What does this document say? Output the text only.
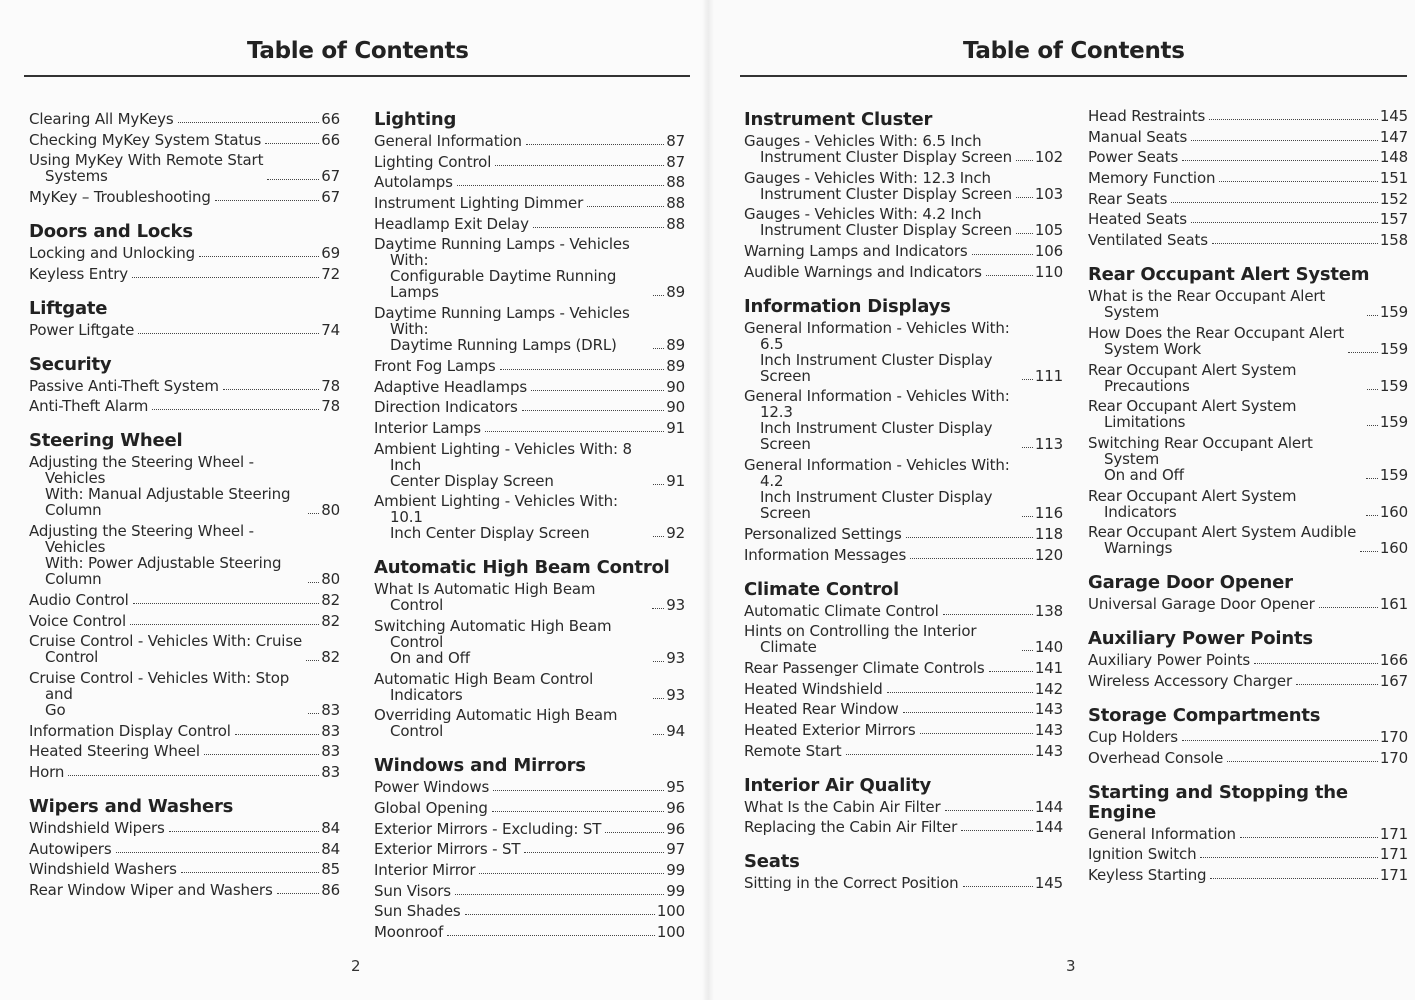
Table of Contents
Clearing All MyKeys	66
Checking MyKey System Status	66
Using MyKey With Remote Start
Systems	67
MyKey – Troubleshooting	67
Doors and Locks
Locking and Unlocking	69
Keyless Entry	72
Liftgate
Power Liftgate	74
Security
Passive Anti-Theft System	78
Anti-Theft Alarm	78
Steering Wheel
Adjusting the Steering Wheel - Vehicles
With: Manual Adjustable Steering
Column	80
Adjusting the Steering Wheel - Vehicles
With: Power Adjustable Steering
Column	80
Audio Control	82
Voice Control	82
Cruise Control - Vehicles With: Cruise
Control	82
Cruise Control - Vehicles With: Stop and
Go	83
Information Display Control	83
Heated Steering Wheel	83
Horn	83
Wipers and Washers
Windshield Wipers	84
Autowipers	84
Windshield Washers	85
Rear Window Wiper and Washers	86
Lighting
General Information	87
Lighting Control	87
Autolamps	88
Instrument Lighting Dimmer	88
Headlamp Exit Delay	88
Daytime Running Lamps - Vehicles With:
Configurable Daytime Running Lamps	89
Daytime Running Lamps - Vehicles With:
Daytime Running Lamps (DRL)	89
Front Fog Lamps	89
Adaptive Headlamps	90
Direction Indicators	90
Interior Lamps	91
Ambient Lighting - Vehicles With: 8 Inch
Center Display Screen	91
Ambient Lighting - Vehicles With: 10.1
Inch Center Display Screen	92
Automatic High Beam Control
What Is Automatic High Beam Control	93
Switching Automatic High Beam Control
On and Off	93
Automatic High Beam Control Indicators	93
Overriding Automatic High Beam Control	94
Windows and Mirrors
Power Windows	95
Global Opening	96
Exterior Mirrors - Excluding: ST	96
Exterior Mirrors - ST	97
Interior Mirror	99
Sun Visors	99
Sun Shades	100
Moonroof	100

2

Table of Contents
Instrument Cluster
Gauges - Vehicles With: 6.5 Inch
Instrument Cluster Display Screen 102
Gauges - Vehicles With: 12.3 Inch
Instrument Cluster Display Screen 103
Gauges - Vehicles With: 4.2 Inch
Instrument Cluster Display Screen 105
Warning Lamps and Indicators	106
Audible Warnings and Indicators	110
Information Displays
General Information - Vehicles With: 6.5
Inch Instrument Cluster Display Screen	111
General Information - Vehicles With: 12.3
Inch Instrument Cluster Display Screen	113
General Information - Vehicles With: 4.2
Inch Instrument Cluster Display Screen	116
Personalized Settings	118
Information Messages	120
Climate Control
Automatic Climate Control	138
Hints on Controlling the Interior Climate	140
Rear Passenger Climate Controls	141
Heated Windshield	142
Heated Rear Window	143
Heated Exterior Mirrors	143
Remote Start	143
Interior Air Quality
What Is the Cabin Air Filter	144
Replacing the Cabin Air Filter	144
Seats
Sitting in the Correct Position	145
Head Restraints	145
Manual Seats	147
Power Seats	148
Memory Function	151
Rear Seats	152
Heated Seats	157
Ventilated Seats	158
Rear Occupant Alert System
What is the Rear Occupant Alert System	159
How Does the Rear Occupant Alert
System Work	159
Rear Occupant Alert System Precautions	159
Rear Occupant Alert System Limitations	159
Switching Rear Occupant Alert System
On and Off	159
Rear Occupant Alert System Indicators	160
Rear Occupant Alert System Audible
Warnings	160
Garage Door Opener
Universal Garage Door Opener	161
Auxiliary Power Points
Auxiliary Power Points	166
Wireless Accessory Charger	167
Storage Compartments
Cup Holders	170
Overhead Console	170
Starting and Stopping the
Engine
General Information	171
Ignition Switch	171
Keyless Starting	171

3
